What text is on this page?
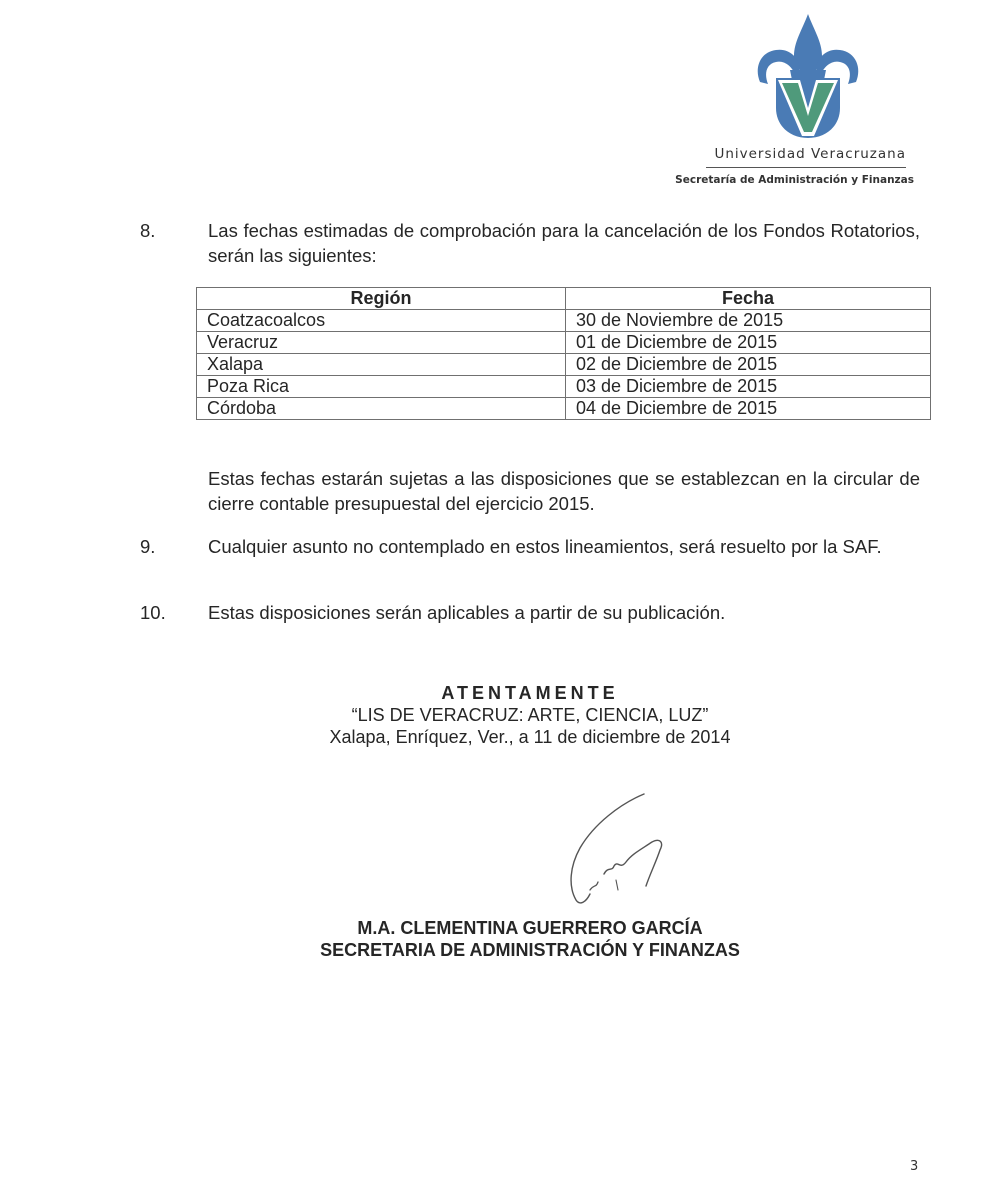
Universidad Veracruzana
Secretaría de Administración y Finanzas
8.	Las fechas estimadas de comprobación para la cancelación de los Fondos Rotatorios, serán las siguientes:
Región	Fecha
Coatzacoalcos	30 de Noviembre de 2015
Veracruz	01 de Diciembre de 2015
Xalapa	02 de Diciembre de 2015
Poza Rica	03 de Diciembre de 2015
Córdoba	04 de Diciembre de 2015
Estas fechas estarán sujetas a las disposiciones que se establezcan en la circular de cierre contable presupuestal del ejercicio 2015.
9.	Cualquier asunto no contemplado en estos lineamientos, será resuelto por la SAF.
10. Estas disposiciones serán aplicables a partir de su publicación.
ATENTAMENTE
“LIS DE VERACRUZ: ARTE, CIENCIA, LUZ”
Xalapa, Enríquez, Ver., a 11 de diciembre de 2014
M.A. CLEMENTINA GUERRERO GARCÍA
SECRETARIA DE ADMINISTRACIÓN Y FINANZAS
3
